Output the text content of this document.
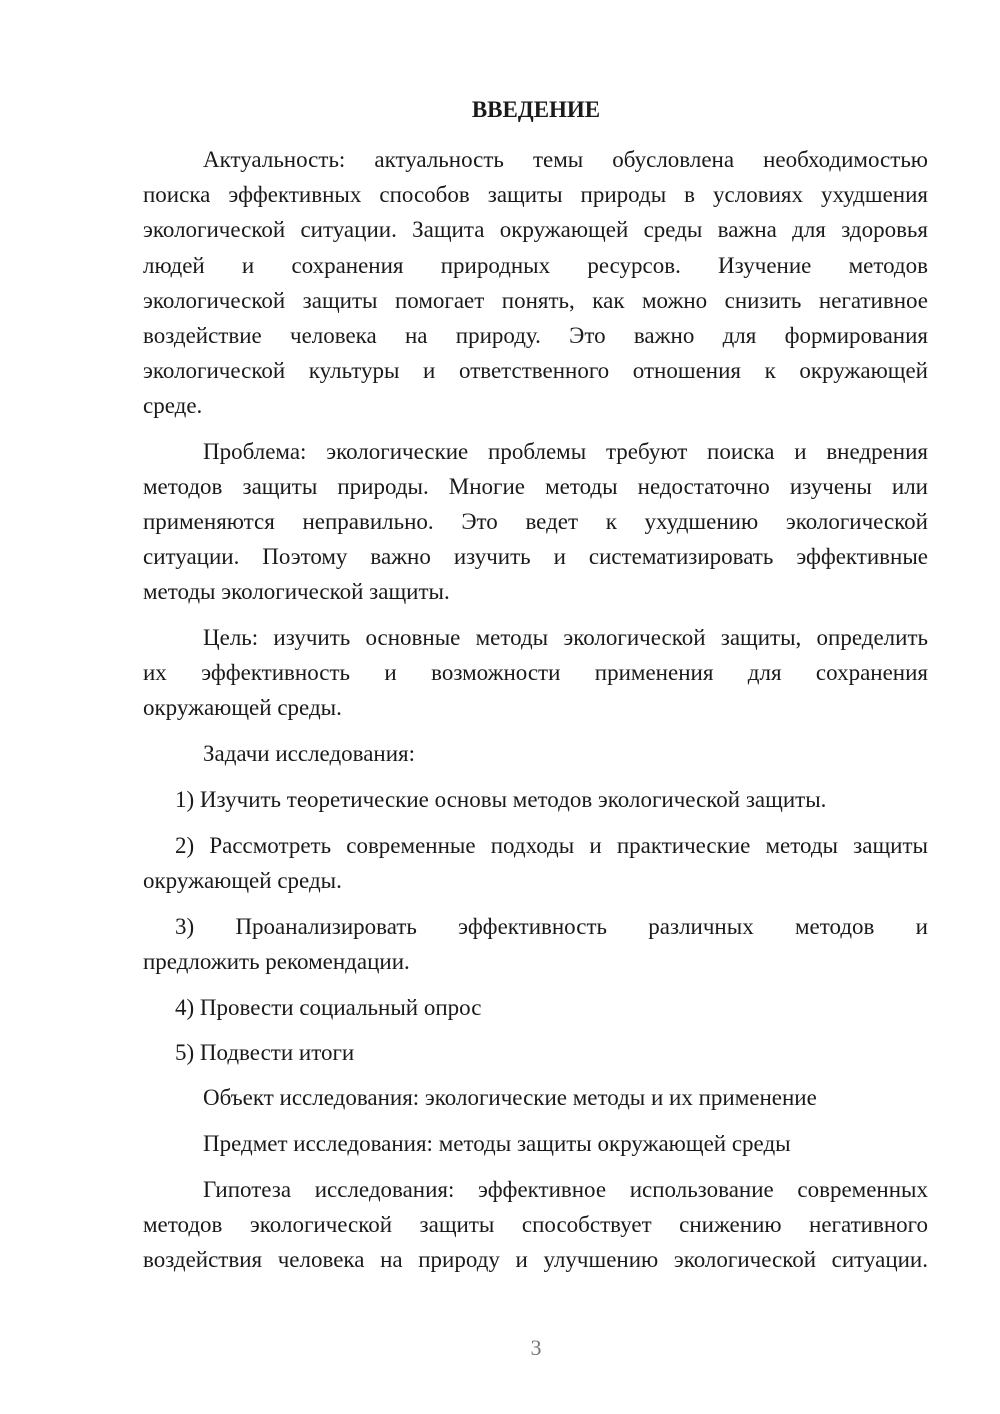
ВВЕДЕНИЕ
Актуальность: актуальность темы обусловлена необходимостью
поиска эффективных способов защиты природы в условиях ухудшения
экологической ситуации. Защита окружающей среды важна для здоровья
людей и сохранения природных ресурсов. Изучение методов
экологической защиты помогает понять, как можно снизить негативное
воздействие человека на природу. Это важно для формирования
экологической культуры и ответственного отношения к окружающей
среде.
Проблема: экологические проблемы требуют поиска и внедрения
методов защиты природы. Многие методы недостаточно изучены или
применяются неправильно. Это ведет к ухудшению экологической
ситуации. Поэтому важно изучить и систематизировать эффективные
методы экологической защиты.
Цель: изучить основные методы экологической защиты, определить
их эффективность и возможности применения для сохранения
окружающей среды.
Задачи исследования:
1) Изучить теоретические основы методов экологической защиты.
2) Рассмотреть современные подходы и практические методы защиты
окружающей среды.
3) Проанализировать эффективность различных методов и
предложить рекомендации.
4) Провести социальный опрос
5) Подвести итоги
Объект исследования: экологические методы и их применение
Предмет исследования: методы защиты окружающей среды
Гипотеза исследования: эффективное использование современных
методов экологической защиты способствует снижению негативного
воздействия человека на природу и улучшению экологической ситуации.
3
